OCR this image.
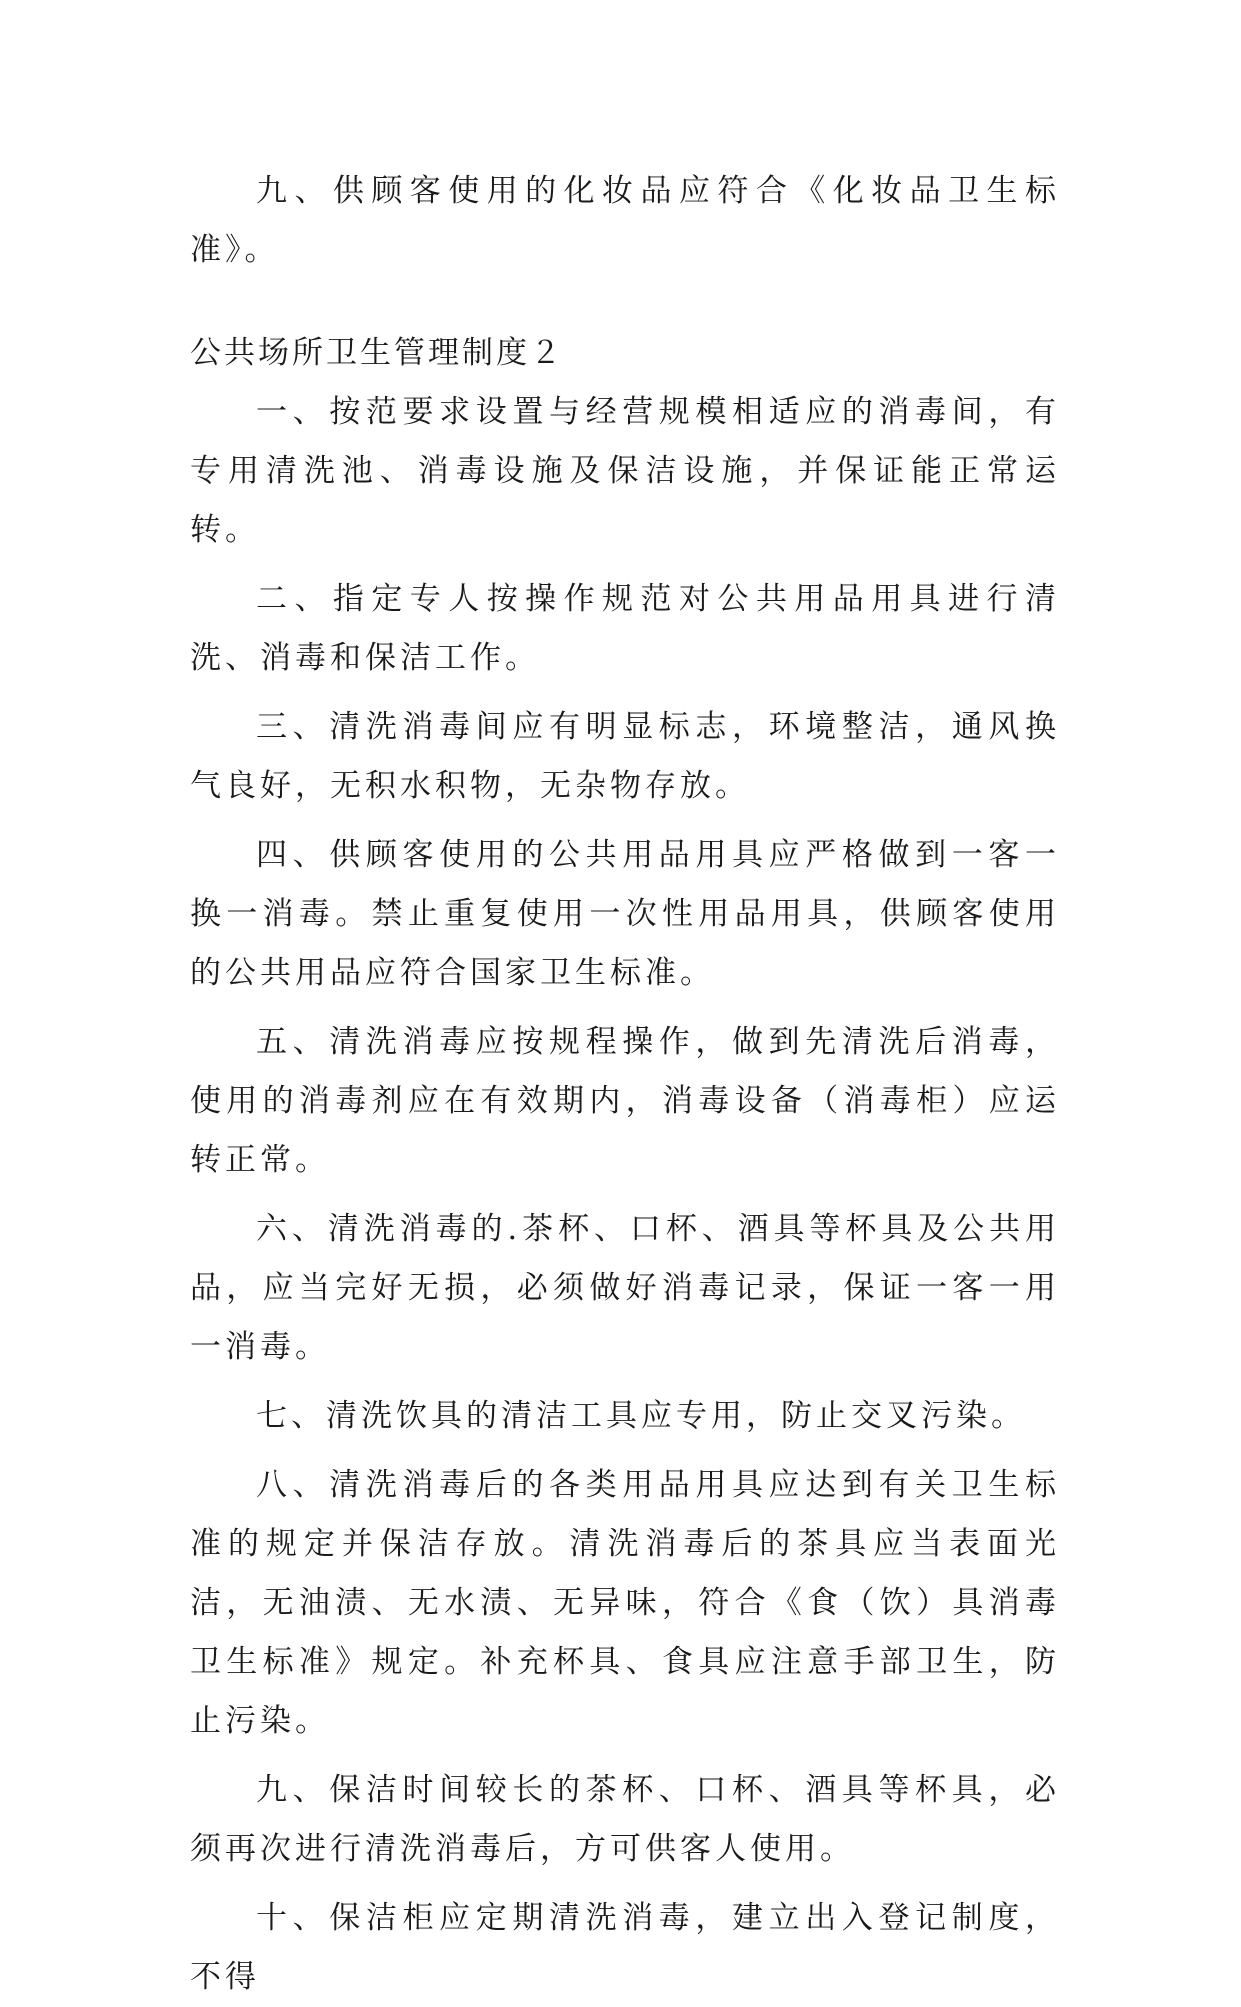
九、供顾客使用的化妆品应符合《化妆品卫生标准》。

公共场所卫生管理制度２

一、按范要求设置与经营规模相适应的消毒间，有专用清洗池、消毒设施及保洁设施，并保证能正常运转。

二、指定专人按操作规范对公共用品用具进行清洗、消毒和保洁工作。

三、清洗消毒间应有明显标志，环境整洁，通风换气良好，无积水积物，无杂物存放。

四、供顾客使用的公共用品用具应严格做到一客一换一消毒。禁止重复使用一次性用品用具，供顾客使用的公共用品应符合国家卫生标准。

五、清洗消毒应按规程操作，做到先清洗后消毒，使用的消毒剂应在有效期内，消毒设备（消毒柜）应运转正常。

六、清洗消毒的.茶杯、口杯、酒具等杯具及公共用品，应当完好无损，必须做好消毒记录，保证一客一用一消毒。

七、清洗饮具的清洁工具应专用，防止交叉污染。

八、清洗消毒后的各类用品用具应达到有关卫生标准的规定并保洁存放。清洗消毒后的茶具应当表面光洁，无油渍、无水渍、无异味，符合《食（饮）具消毒卫生标准》规定。补充杯具、食具应注意手部卫生，防止污染。

九、保洁时间较长的茶杯、口杯、酒具等杯具，必须再次进行清洗消毒后，方可供客人使用。

十、保洁柜应定期清洗消毒，建立出入登记制度，不得
